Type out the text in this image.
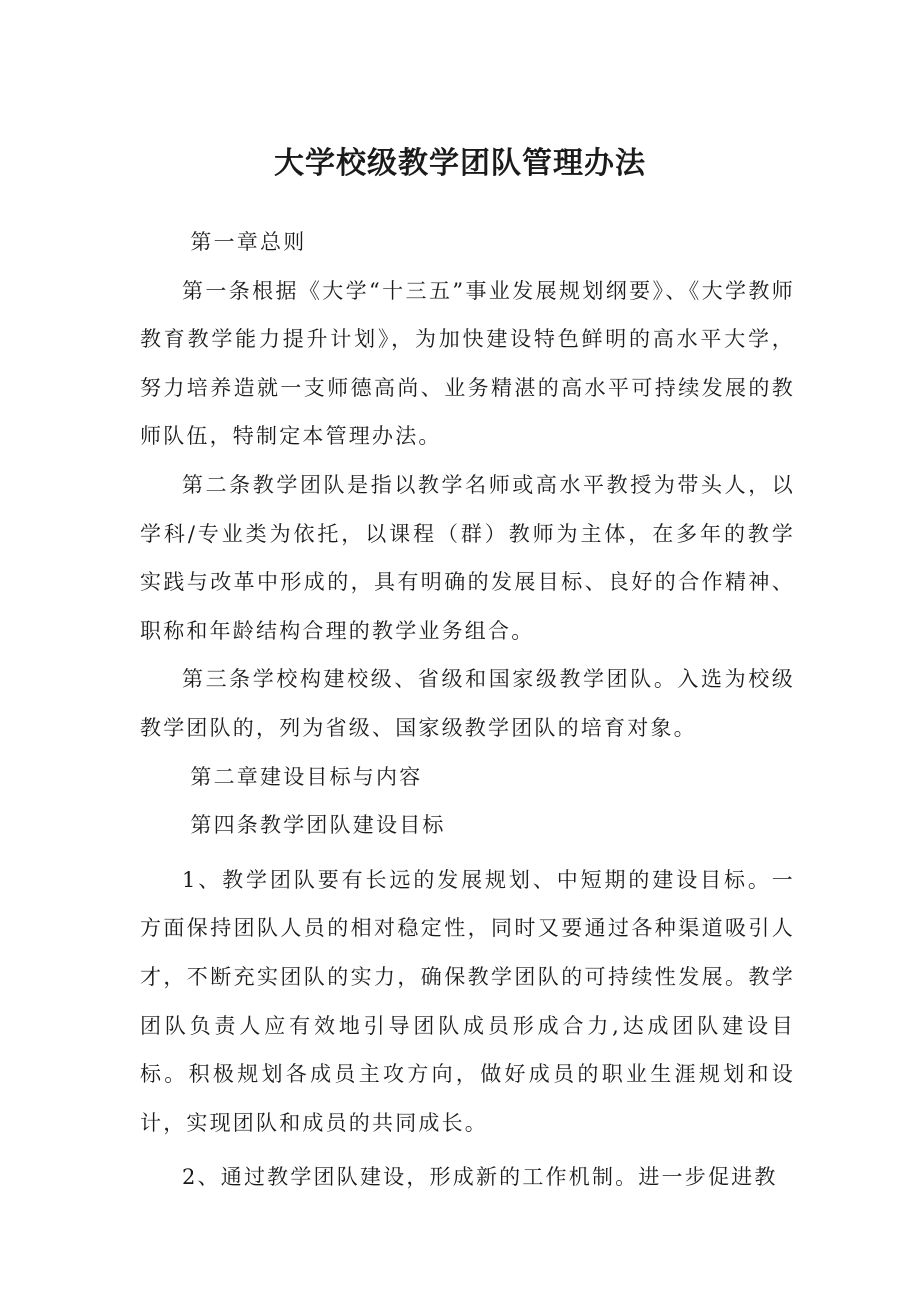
大学校级教学团队管理办法

第一章总则

第一条根据《大学“十三五”事业发展规划纲要》、《大学教师教育教学能力提升计划》，为加快建设特色鲜明的高水平大学，努力培养造就一支师德高尚、业务精湛的高水平可持续发展的教师队伍，特制定本管理办法。

第二条教学团队是指以教学名师或高水平教授为带头人，以学科/专业类为依托，以课程（群）教师为主体，在多年的教学实践与改革中形成的，具有明确的发展目标、良好的合作精神、职称和年龄结构合理的教学业务组合。

第三条学校构建校级、省级和国家级教学团队。入选为校级教学团队的，列为省级、国家级教学团队的培育对象。

第二章建设目标与内容

第四条教学团队建设目标

1、教学团队要有长远的发展规划、中短期的建设目标。一方面保持团队人员的相对稳定性，同时又要通过各种渠道吸引人才，不断充实团队的实力，确保教学团队的可持续性发展。教学团队负责人应有效地引导团队成员形成合力,达成团队建设目标。积极规划各成员主攻方向，做好成员的职业生涯规划和设计，实现团队和成员的共同成长。

2、通过教学团队建设，形成新的工作机制。进一步促进教
